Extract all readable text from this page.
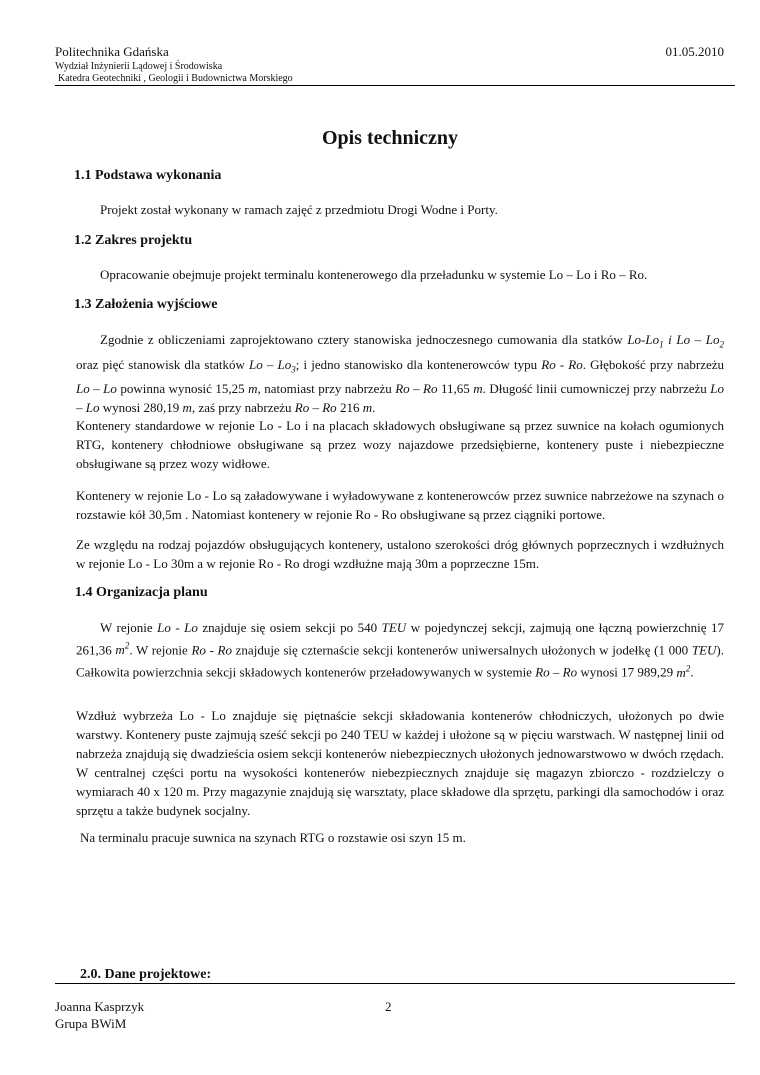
Politechnika Gdańska	01.05.2010
Wydział Inżynierii Lądowej i Środowiska
Katedra Geotechniki , Geologii i Budownictwa Morskiego
Opis techniczny
1.1 Podstawa wykonania

Projekt został wykonany w ramach zajęć z przedmiotu Drogi Wodne i Porty.

1.2 Zakres projektu

Opracowanie obejmuje projekt terminalu kontenerowego dla przeładunku w systemie Lo – Lo i Ro – Ro.

1.3 Założenia wyjściowe

Zgodnie z obliczeniami zaprojektowano cztery stanowiska jednoczesnego cumowania dla statków $Lo-Lo_1$ i Lo – $Lo_2$ oraz pięć stanowisk dla statków Lo – $Lo_3$; i jedno stanowisko dla kontenerowców typu Ro - Ro. Głębokość przy nabrzeżu Lo – Lo powinna wynosić 15,25 m, natomiast przy nabrzeżu Ro – Ro 11,65 m. Długość linii cumowniczej przy nabrzeżu Lo – Lo wynosi 280,19 m, zaś przy nabrzeżu Ro – Ro 216 m.

Kontenery standardowe w rejonie Lo - Lo i na placach składowych obsługiwane są przez suwnice na kołach ogumionych RTG, kontenery chłodniowe obsługiwane są przez wozy najazdowe przedsiębierne, kontenery puste i niebezpieczne obsługiwane są przez wozy widłowe.

Kontenery w rejonie Lo - Lo są załadowywane i wyładowywane z kontenerowców przez suwnice nabrzeżowe na szynach o rozstawie kół 30,5m . Natomiast kontenery w rejonie Ro - Ro obsługiwane są przez ciągniki portowe.

Ze względu na rodzaj pojazdów obsługujących kontenery, ustalono szerokości dróg głównych poprzecznych i wzdłużnych w rejonie Lo - Lo 30m a w rejonie Ro - Ro drogi wzdłużne mają 30m a poprzeczne 15m.

1.4 Organizacja planu

W rejonie Lo - Lo znajduje się osiem sekcji po 540 TEU w pojedynczej sekcji, zajmują one łączną powierzchnię 17 261,36 $m^2$. W rejonie Ro - Ro znajduje się czternaście sekcji kontenerów uniwersalnych ułożonych w jodełkę (1 000 TEU). Całkowita powierzchnia sekcji składowych kontenerów przeładowywanych w systemie Ro – Ro wynosi 17 989,29 $m^2$.

Wzdłuż wybrzeża Lo - Lo znajduje się piętnaście sekcji składowania kontenerów chłodniczych, ułożonych po dwie warstwy. Kontenery puste zajmują sześć sekcji po 240 TEU w każdej i ułożone są w pięciu warstwach. W następnej linii od nabrzeża znajdują się dwadzieścia osiem sekcji kontenerów niebezpiecznych ułożonych jednowarstwowo w dwóch rzędach. W centralnej części portu na wysokości kontenerów niebezpiecznych znajduje się magazyn zbiorczo - rozdzielczy o wymiarach 40 x 120 m. Przy magazynie znajdują się warsztaty, place składowe dla sprzętu, parkingi dla samochodów i oraz sprzętu a także budynek socjalny.

Na terminalu pracuje suwnica na szynach RTG o rozstawie osi szyn 15 m.

2.0. Dane projektowe:
Joanna Kasprzyk
Grupa BWiM
2
